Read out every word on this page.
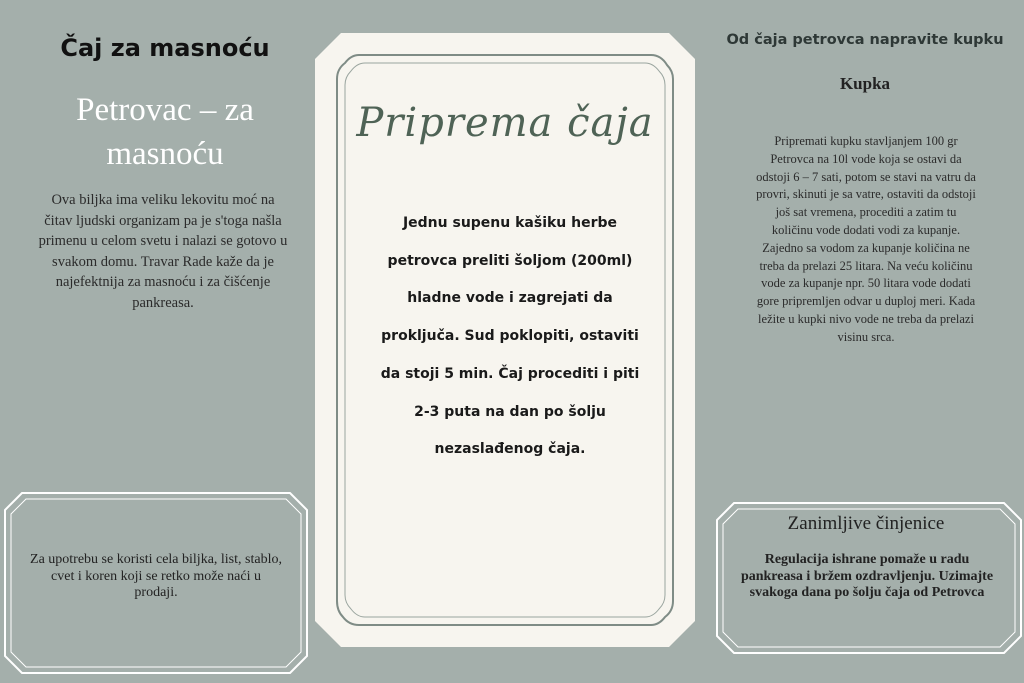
Čaj za masnoću
Petrovac – za masnoću
Ova biljka ima veliku lekovitu moć na čitav ljudski organizam pa je s'toga našla primenu u celom svetu i nalazi se gotovo u svakom domu. Travar Rade kaže da je najefektnija za masnoću i za čišćenje pankreasa.
Za upotrebu se koristi cela biljka, list, stablo, cvet i koren koji se retko može naći u prodaji.
Priprema čaja
Jednu supenu kašiku herbe petrovca preliti šoljom (200ml) hladne vode i zagrejati da proključa. Sud poklopiti, ostaviti da stoji 5 min. Čaj proceditі i piti 2-3 puta na dan po šolju nezaslađenog čaja.
Od čaja petrovca napravite kupku
Kupka
Pripremati kupku stavljanjem 100 gr Petrovca na 10l vode koja se ostavi da odstoji 6 – 7 sati, potom se stavi na vatru da provri, skinuti je sa vatre, ostaviti da odstoji još sat vremena, procediti a zatim tu količinu vode dodati vodi za kupanje. Zajedno sa vodom za kupanje količina ne treba da prelazi 25 litara. Na veću količinu vode za kupanje npr. 50 litara vode dodati gore pripremljen odvar u duploj meri. Kada ležite u kupki nivo vode ne treba da prelazi visinu srca.
Zanimljive činjenice
Regulacija ishrane pomaže u radu pankreasa i bržem ozdravljenju. Uzimajte svakoga dana po šolju čaja od Petrovca
